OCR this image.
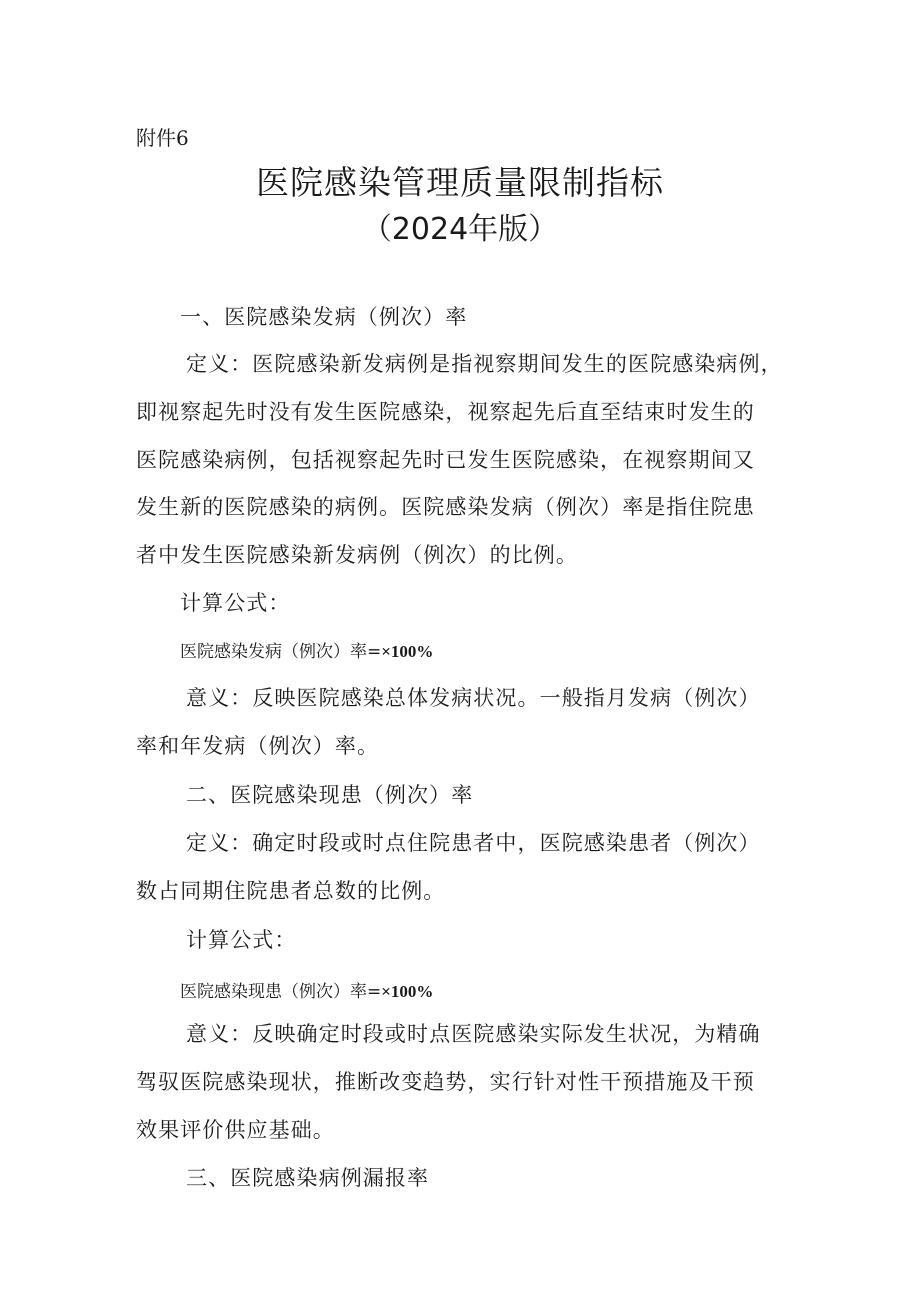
附件6
医院感染管理质量限制指标
（2024年版）
一、医院感染发病（例次）率
定义：医院感染新发病例是指视察期间发生的医院感染病例，
即视察起先时没有发生医院感染，视察起先后直至结束时发生的
医院感染病例，包括视察起先时已发生医院感染，在视察期间又
发生新的医院感染的病例。医院感染发病（例次）率是指住院患
者中发生医院感染新发病例（例次）的比例。
计算公式：
医院感染发病（例次）率=×100%
意义：反映医院感染总体发病状况。一般指月发病（例次）
率和年发病（例次）率。
二、医院感染现患（例次）率
定义：确定时段或时点住院患者中，医院感染患者（例次）
数占同期住院患者总数的比例。
计算公式：
医院感染现患（例次）率=×100%
意义：反映确定时段或时点医院感染实际发生状况，为精确
驾驭医院感染现状，推断改变趋势，实行针对性干预措施及干预
效果评价供应基础。
三、医院感染病例漏报率
